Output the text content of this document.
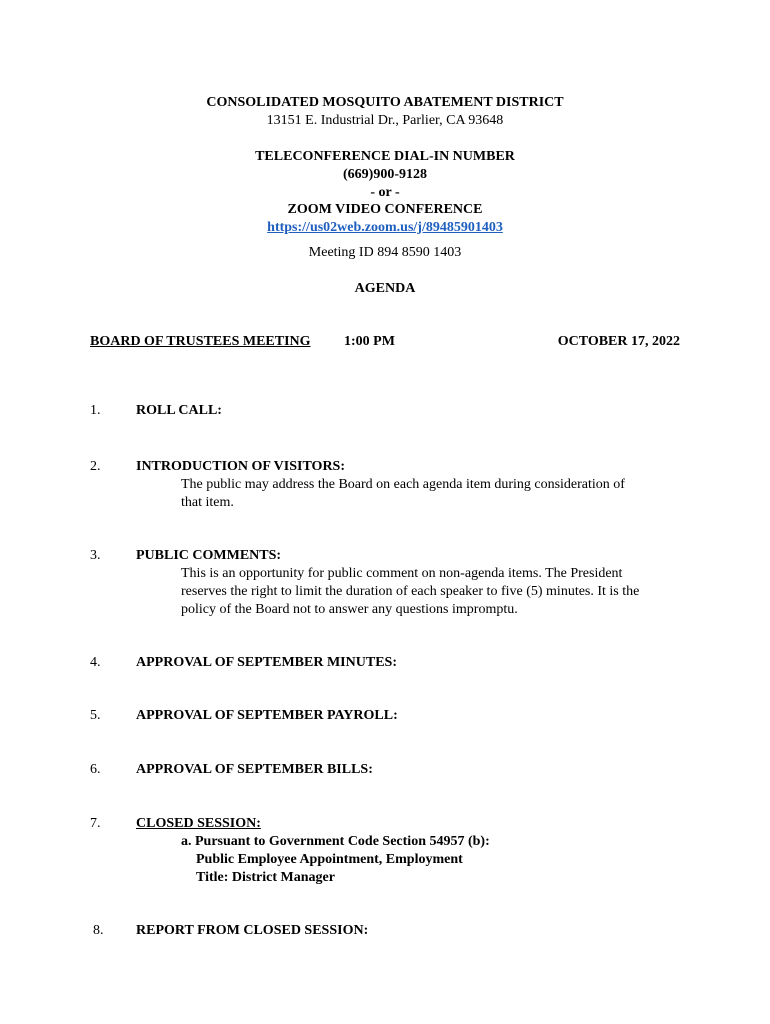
CONSOLIDATED MOSQUITO ABATEMENT DISTRICT
13151 E. Industrial Dr., Parlier, CA 93648
TELECONFERENCE DIAL-IN NUMBER
(669)900-9128
- or -
ZOOM VIDEO CONFERENCE
https://us02web.zoom.us/j/89485901403
Meeting ID 894 8590 1403
AGENDA
BOARD OF TRUSTEES MEETING 1:00 PM	OCTOBER 17, 2022
1.	ROLL CALL:
2.	INTRODUCTION OF VISITORS:
The public may address the Board on each agenda item during consideration of
that item.
3.	PUBLIC COMMENTS:
This is an opportunity for public comment on non-agenda items. The President
reserves the right to limit the duration of each speaker to five (5) minutes. It is the
policy of the Board not to answer any questions impromptu.
4.	APPROVAL OF SEPTEMBER MINUTES:
5.	APPROVAL OF SEPTEMBER PAYROLL:
6.	APPROVAL OF SEPTEMBER BILLS:
7.	CLOSED SESSION:
a. Pursuant to Government Code Section 54957 (b):
Public Employee Appointment, Employment
Title: District Manager
8. REPORT FROM CLOSED SESSION:
